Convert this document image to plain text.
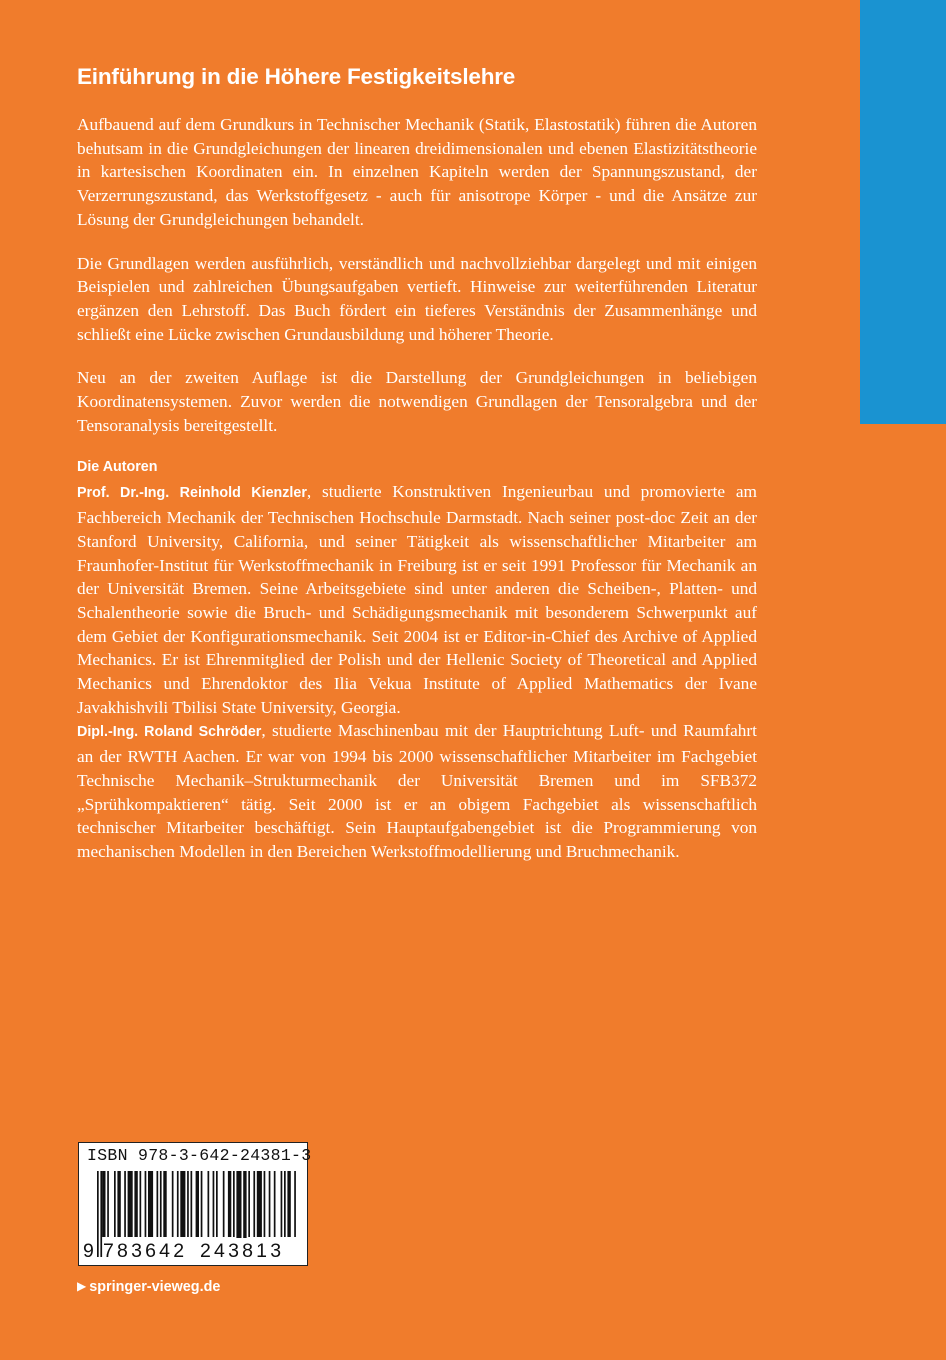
Einführung in die Höhere Festigkeitslehre

Aufbauend auf dem Grundkurs in Technischer Mechanik (Statik, Elastostatik) führen die Autoren behutsam in die Grundgleichungen der linearen dreidimensionalen und ebenen Elastizitätstheorie in kartesischen Koordinaten ein. In einzelnen Kapiteln werden der Spannungszustand, der Verzerrungszustand, das Werkstoffgesetz - auch für anisotrope Körper - und die Ansätze zur Lösung der Grundgleichungen behandelt.

Die Grundlagen werden ausführlich, verständlich und nachvollziehbar dargelegt und mit einigen Beispielen und zahlreichen Übungsaufgaben vertieft. Hinweise zur weiterführenden Literatur ergänzen den Lehrstoff. Das Buch fördert ein tieferes Verständnis der Zusammenhänge und schließt eine Lücke zwischen Grundausbildung und höherer Theorie.

Neu an der zweiten Auflage ist die Darstellung der Grundgleichungen in beliebigen Koordinatensystemen. Zuvor werden die notwendigen Grundlagen der Tensoralgebra und der Tensoranalysis bereitgestellt.

Die Autoren

Prof. Dr.-Ing. Reinhold Kienzler, studierte Konstruktiven Ingenieurbau und promovierte am Fachbereich Mechanik der Technischen Hochschule Darmstadt. Nach seiner post-doc Zeit an der Stanford University, California, und seiner Tätigkeit als wissenschaftlicher Mitarbeiter am Fraunhofer-Institut für Werkstoffmechanik in Freiburg ist er seit 1991 Professor für Mechanik an der Universität Bremen. Seine Arbeitsgebiete sind unter anderen die Scheiben-, Platten- und Schalentheorie sowie die Bruch- und Schädigungsmechanik mit besonderem Schwerpunkt auf dem Gebiet der Konfigurationsmechanik. Seit 2004 ist er Editor-in-Chief des Archive of Applied Mechanics. Er ist Ehrenmitglied der Polish und der Hellenic Society of Theoretical and Applied Mechanics und Ehrendoktor des Ilia Vekua Institute of Applied Mathematics der Ivane Javakhishvili Tbilisi State University, Georgia.

Dipl.-Ing. Roland Schröder, studierte Maschinenbau mit der Hauptrichtung Luft- und Raumfahrt an der RWTH Aachen. Er war von 1994 bis 2000 wissenschaftlicher Mitarbeiter im Fachgebiet Technische Mechanik–Strukturmechanik der Universität Bremen und im SFB372 „Sprühkompaktieren“ tätig. Seit 2000 ist er an obigem Fachgebiet als wissenschaftlich technischer Mitarbeiter beschäftigt. Sein Hauptaufgabengebiet ist die Programmierung von mechanischen Modellen in den Bereichen Werkstoffmodellierung und Bruchmechanik.

ISBN 978-3-642-24381-3
9 783642 243813
▶ springer-vieweg.de
